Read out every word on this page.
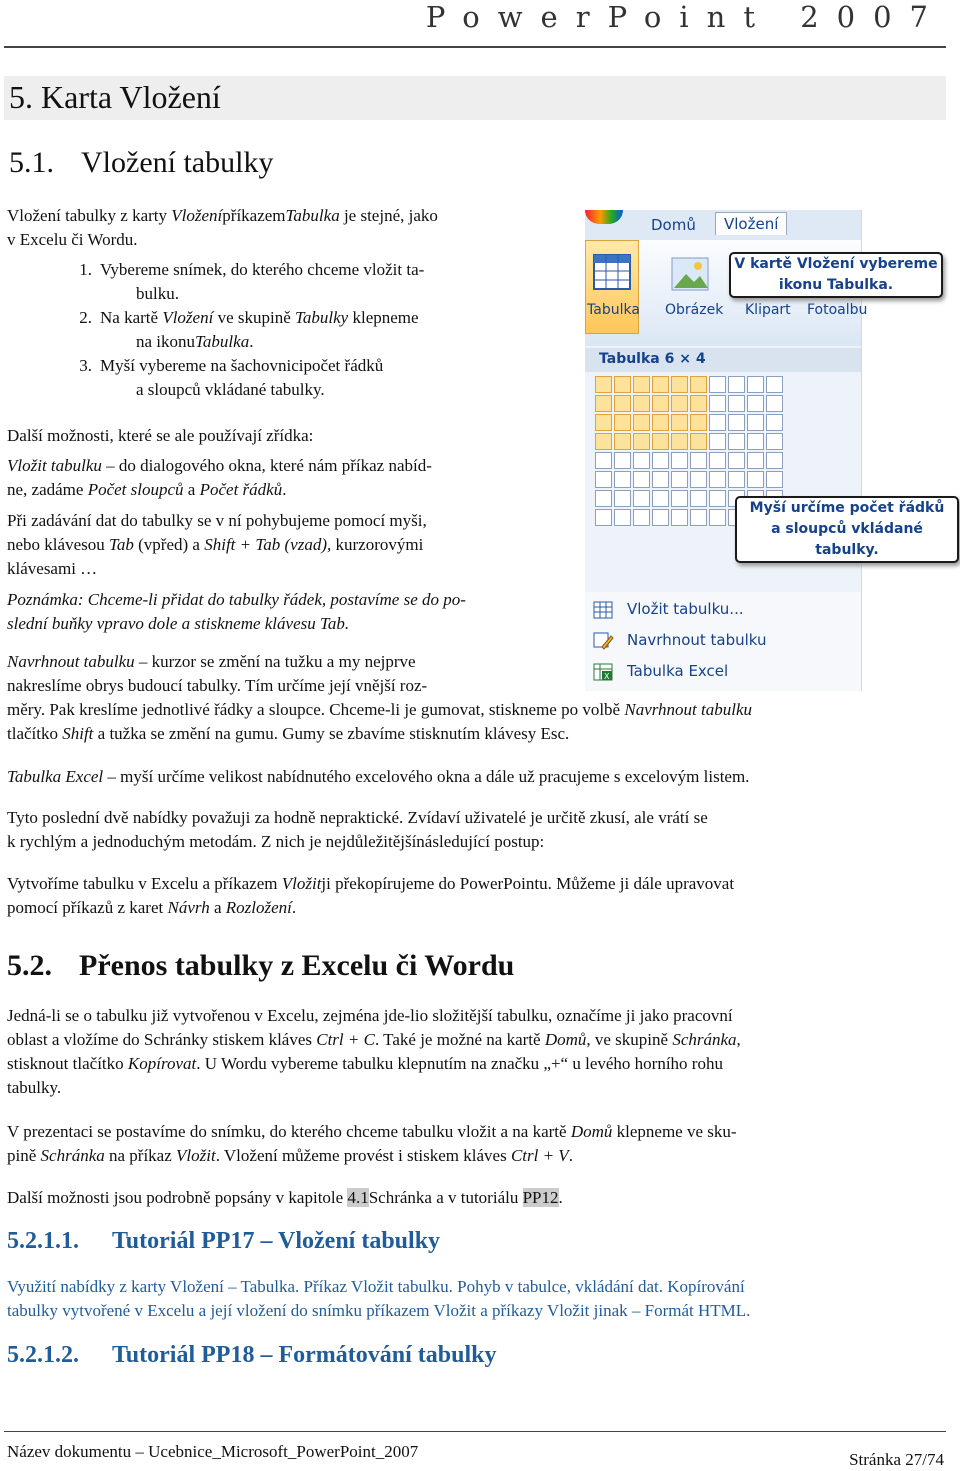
PowerPoint 2007
5. Karta Vložení
5.1. Vložení tabulky
Vložení tabulky z karty VloženípříkazemTabulka je stejné, jako
v Excelu či Wordu.
1. Vybereme snímek, do kterého chceme vložit ta-
bulku.
2. Na kartě Vložení ve skupině Tabulky klepneme
na ikonuTabulka.
3. Myší vybereme na šachovnicipočet řádků
a sloupců vkládané tabulky.
Další možnosti, které se ale používají zřídka:
Vložit tabulku – do dialogového okna, které nám příkaz nabíd-
ne, zadáme Počet sloupců a Počet řádků.
Při zadávání dat do tabulky se v ní pohybujeme pomocí myši,
nebo klávesou Tab (vpřed) a Shift + Tab (vzad), kurzorovými
klávesami …
Poznámka: Chceme-li přidat do tabulky řádek, postavíme se do po-
slední buňky vpravo dole a stiskneme klávesu Tab.
Navrhnout tabulku – kurzor se změní na tužku a my nejprve
nakreslíme obrys budoucí tabulky. Tím určíme její vnější roz-
měry. Pak kreslíme jednotlivé řádky a sloupce. Chceme-li je gumovat, stiskneme po volbě Navrhnout tabulku
tlačítko Shift a tužka se změní na gumu. Gumy se zbavíme stisknutím klávesy Esc.
Tabulka Excel – myší určíme velikost nabídnutého excelového okna a dále už pracujeme s excelovým listem.
Tyto poslední dvě nabídky považuji za hodně nepraktické. Zvídaví uživatelé je určitě zkusí, ale vrátí se
k rychlým a jednoduchým metodám. Z nich je nejdůležitějšínásledující postup:
Vytvoříme tabulku v Excelu a příkazem Vložitji překopírujeme do PowerPointu. Můžeme ji dále upravovat
pomocí příkazů z karet Návrh a Rozložení.
5.2. Přenos tabulky z Excelu či Wordu
Jedná-li se o tabulku již vytvořenou v Excelu, zejména jde-lio složitější tabulku, označíme ji jako pracovní
oblast a vložíme do Schránky stiskem kláves Ctrl + C. Také je možné na kartě Domů, ve skupině Schránka,
stisknout tlačítko Kopírovat. U Wordu vybereme tabulku klepnutím na značku „+“ u levého horního rohu
tabulky.
V prezentaci se postavíme do snímku, do kterého chceme tabulku vložit a na kartě Domů klepneme ve sku-
pině Schránka na příkaz Vložit. Vložení můžeme provést i stiskem kláves Ctrl + V.
Další možnosti jsou podrobně popsány v kapitole 4.1Schránka a v tutoriálu PP12.
5.2.1.1. Tutoriál PP17 – Vložení tabulky
Využití nabídky z karty Vložení – Tabulka. Příkaz Vložit tabulku. Pohyb v tabulce, vkládání dat. Kopírování
tabulky vytvořené v Excelu a její vložení do snímku příkazem Vložit a příkazy Vložit jinak – Formát HTML.
5.2.1.2. Tutoriál PP18 – Formátování tabulky
Název dokumentu – Ucebnice_Microsoft_PowerPoint_2007	Stránka 27/74
Domů	Vložení
Tabulka Obrázek Klipart Fotoalbu
V kartě Vložení vybereme
ikonu Tabulka.
Tabulka 6 × 4
Myší určíme počet řádků
a sloupců vkládané tabulky.
Vložit tabulku...
Navrhnout tabulku
X Tabulka Excel
